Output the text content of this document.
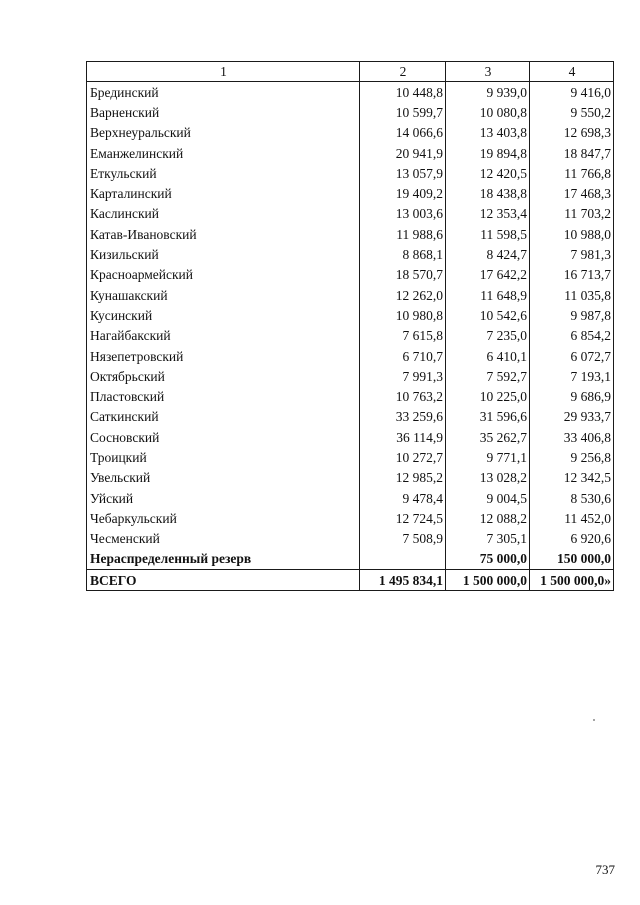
1	2	3	4
Брединский	10 448,8	9 939,0	9 416,0
Варненский	10 599,7	10 080,8	9 550,2
Верхнеуральский	14 066,6	13 403,8	12 698,3
Еманжелинский	20 941,9	19 894,8	18 847,7
Еткульский	13 057,9	12 420,5	11 766,8
Карталинский	19 409,2	18 438,8	17 468,3
Каслинский	13 003,6	12 353,4	11 703,2
Катав-Ивановский	11 988,6	11 598,5	10 988,0
Кизильский	8 868,1	8 424,7	7 981,3
Красноармейский	18 570,7	17 642,2	16 713,7
Кунашакский	12 262,0	11 648,9	11 035,8
Кусинский	10 980,8	10 542,6	9 987,8
Нагайбакский	7 615,8	7 235,0	6 854,2
Нязепетровский	6 710,7	6 410,1	6 072,7
Октябрьский	7 991,3	7 592,7	7 193,1
Пластовский	10 763,2	10 225,0	9 686,9
Саткинский	33 259,6	31 596,6	29 933,7
Сосновский	36 114,9	35 262,7	33 406,8
Троицкий	10 272,7	9 771,1	9 256,8
Увельский	12 985,2	13 028,2	12 342,5
Уйский	9 478,4	9 004,5	8 530,6
Чебаркульский	12 724,5	12 088,2	11 452,0
Чесменский	7 508,9	7 305,1	6 920,6
Нераспределенный резерв		75 000,0	150 000,0
ВСЕГО	1 495 834,1	1 500 000,0	1 500 000,0»
737
